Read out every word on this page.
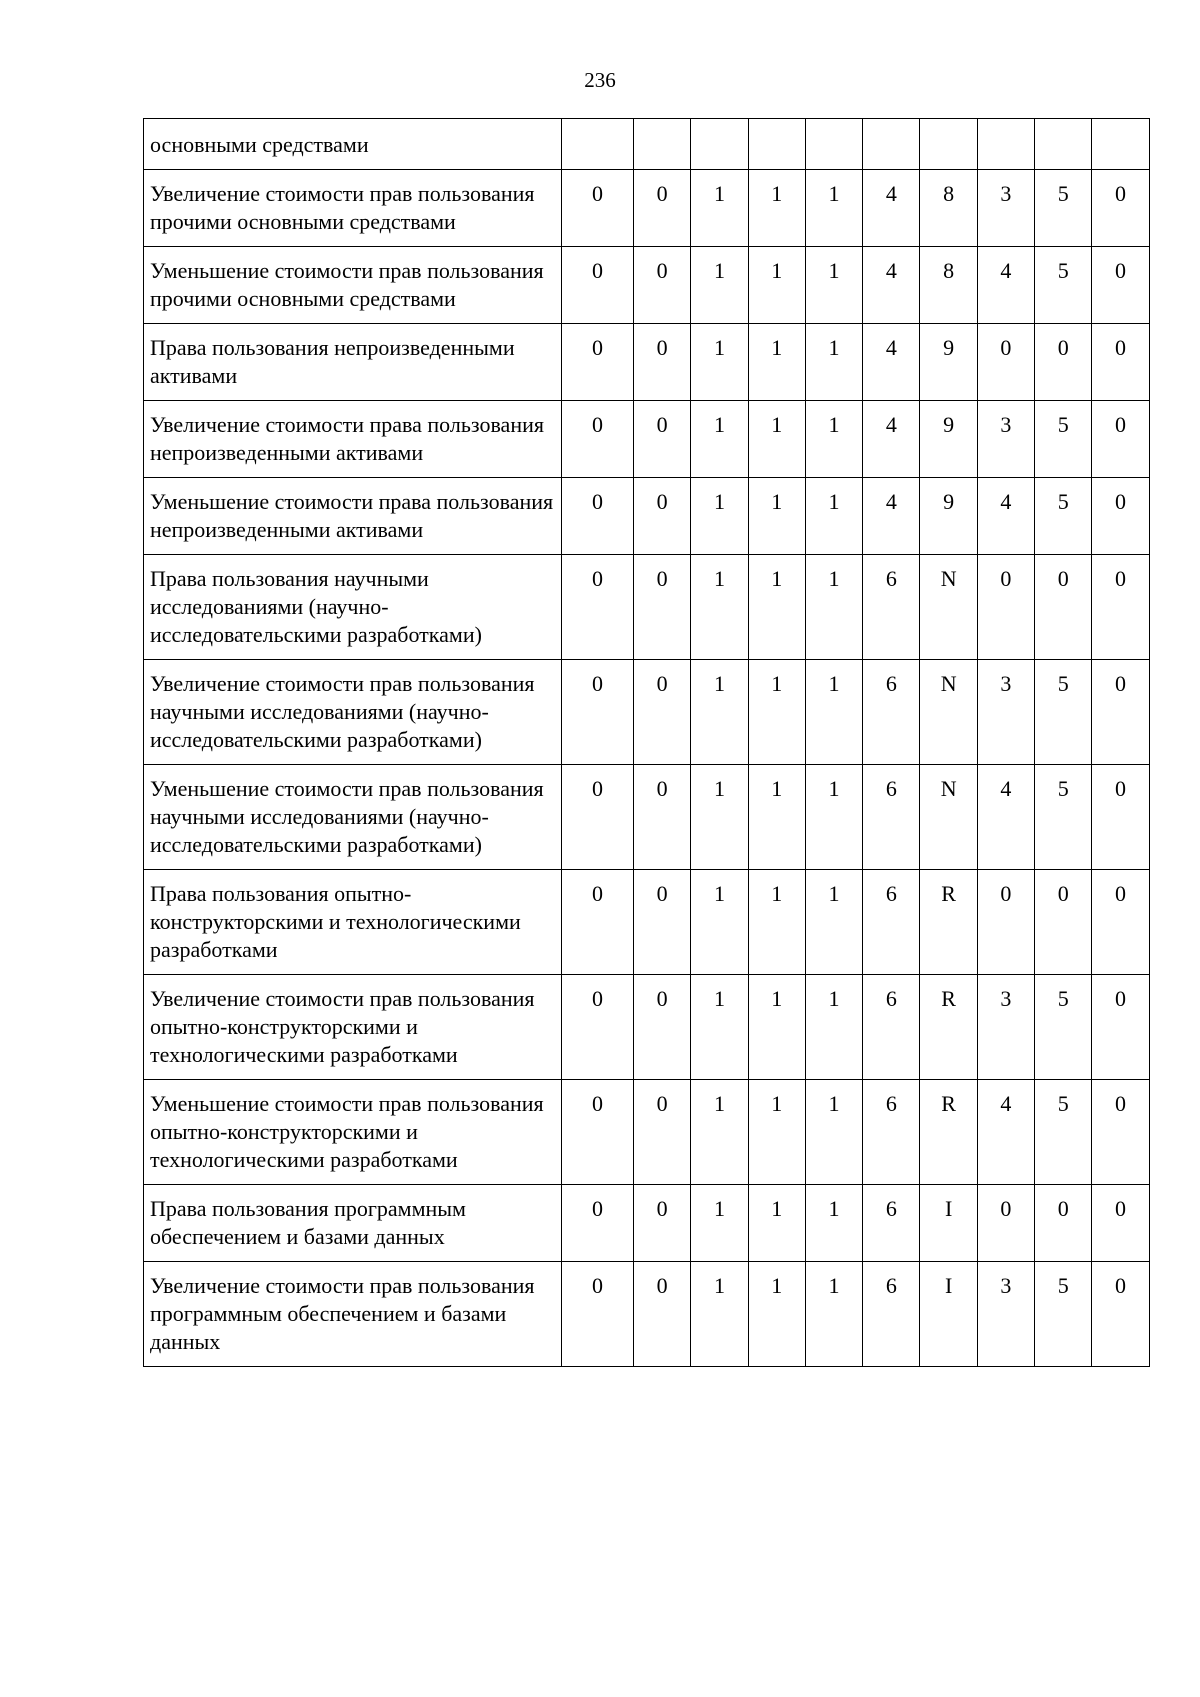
236
основными средствами										
Увеличение стоимости прав пользования прочими основными средствами	0	0	1	1	1	4	8	3	5	0
Уменьшение стоимости прав пользования прочими основными средствами	0	0	1	1	1	4	8	4	5	0
Права пользования непроизведенными активами	0	0	1	1	1	4	9	0	0	0
Увеличение стоимости права пользования непроизведенными активами	0	0	1	1	1	4	9	3	5	0
Уменьшение стоимости права пользования непроизведенными активами	0	0	1	1	1	4	9	4	5	0
Права пользования научными исследованиями (научно-исследовательскими разработками)	0	0	1	1	1	6	N	0	0	0
Увеличение стоимости прав пользования научными исследованиями (научно-исследовательскими разработками)	0	0	1	1	1	6	N	3	5	0
Уменьшение стоимости прав пользования научными исследованиями (научно-исследовательскими разработками)	0	0	1	1	1	6	N	4	5	0
Права пользования опытно-конструкторскими и технологическими разработками	0	0	1	1	1	6	R	0	0	0
Увеличение стоимости прав пользования опытно-конструкторскими и технологическими разработками	0	0	1	1	1	6	R	3	5	0
Уменьшение стоимости прав пользования опытно-конструкторскими и технологическими разработками	0	0	1	1	1	6	R	4	5	0
Права пользования программным обеспечением и базами данных	0	0	1	1	1	6	I	0	0	0
Увеличение стоимости прав пользования программным обеспечением и базами данных	0	0	1	1	1	6	I	3	5	0
